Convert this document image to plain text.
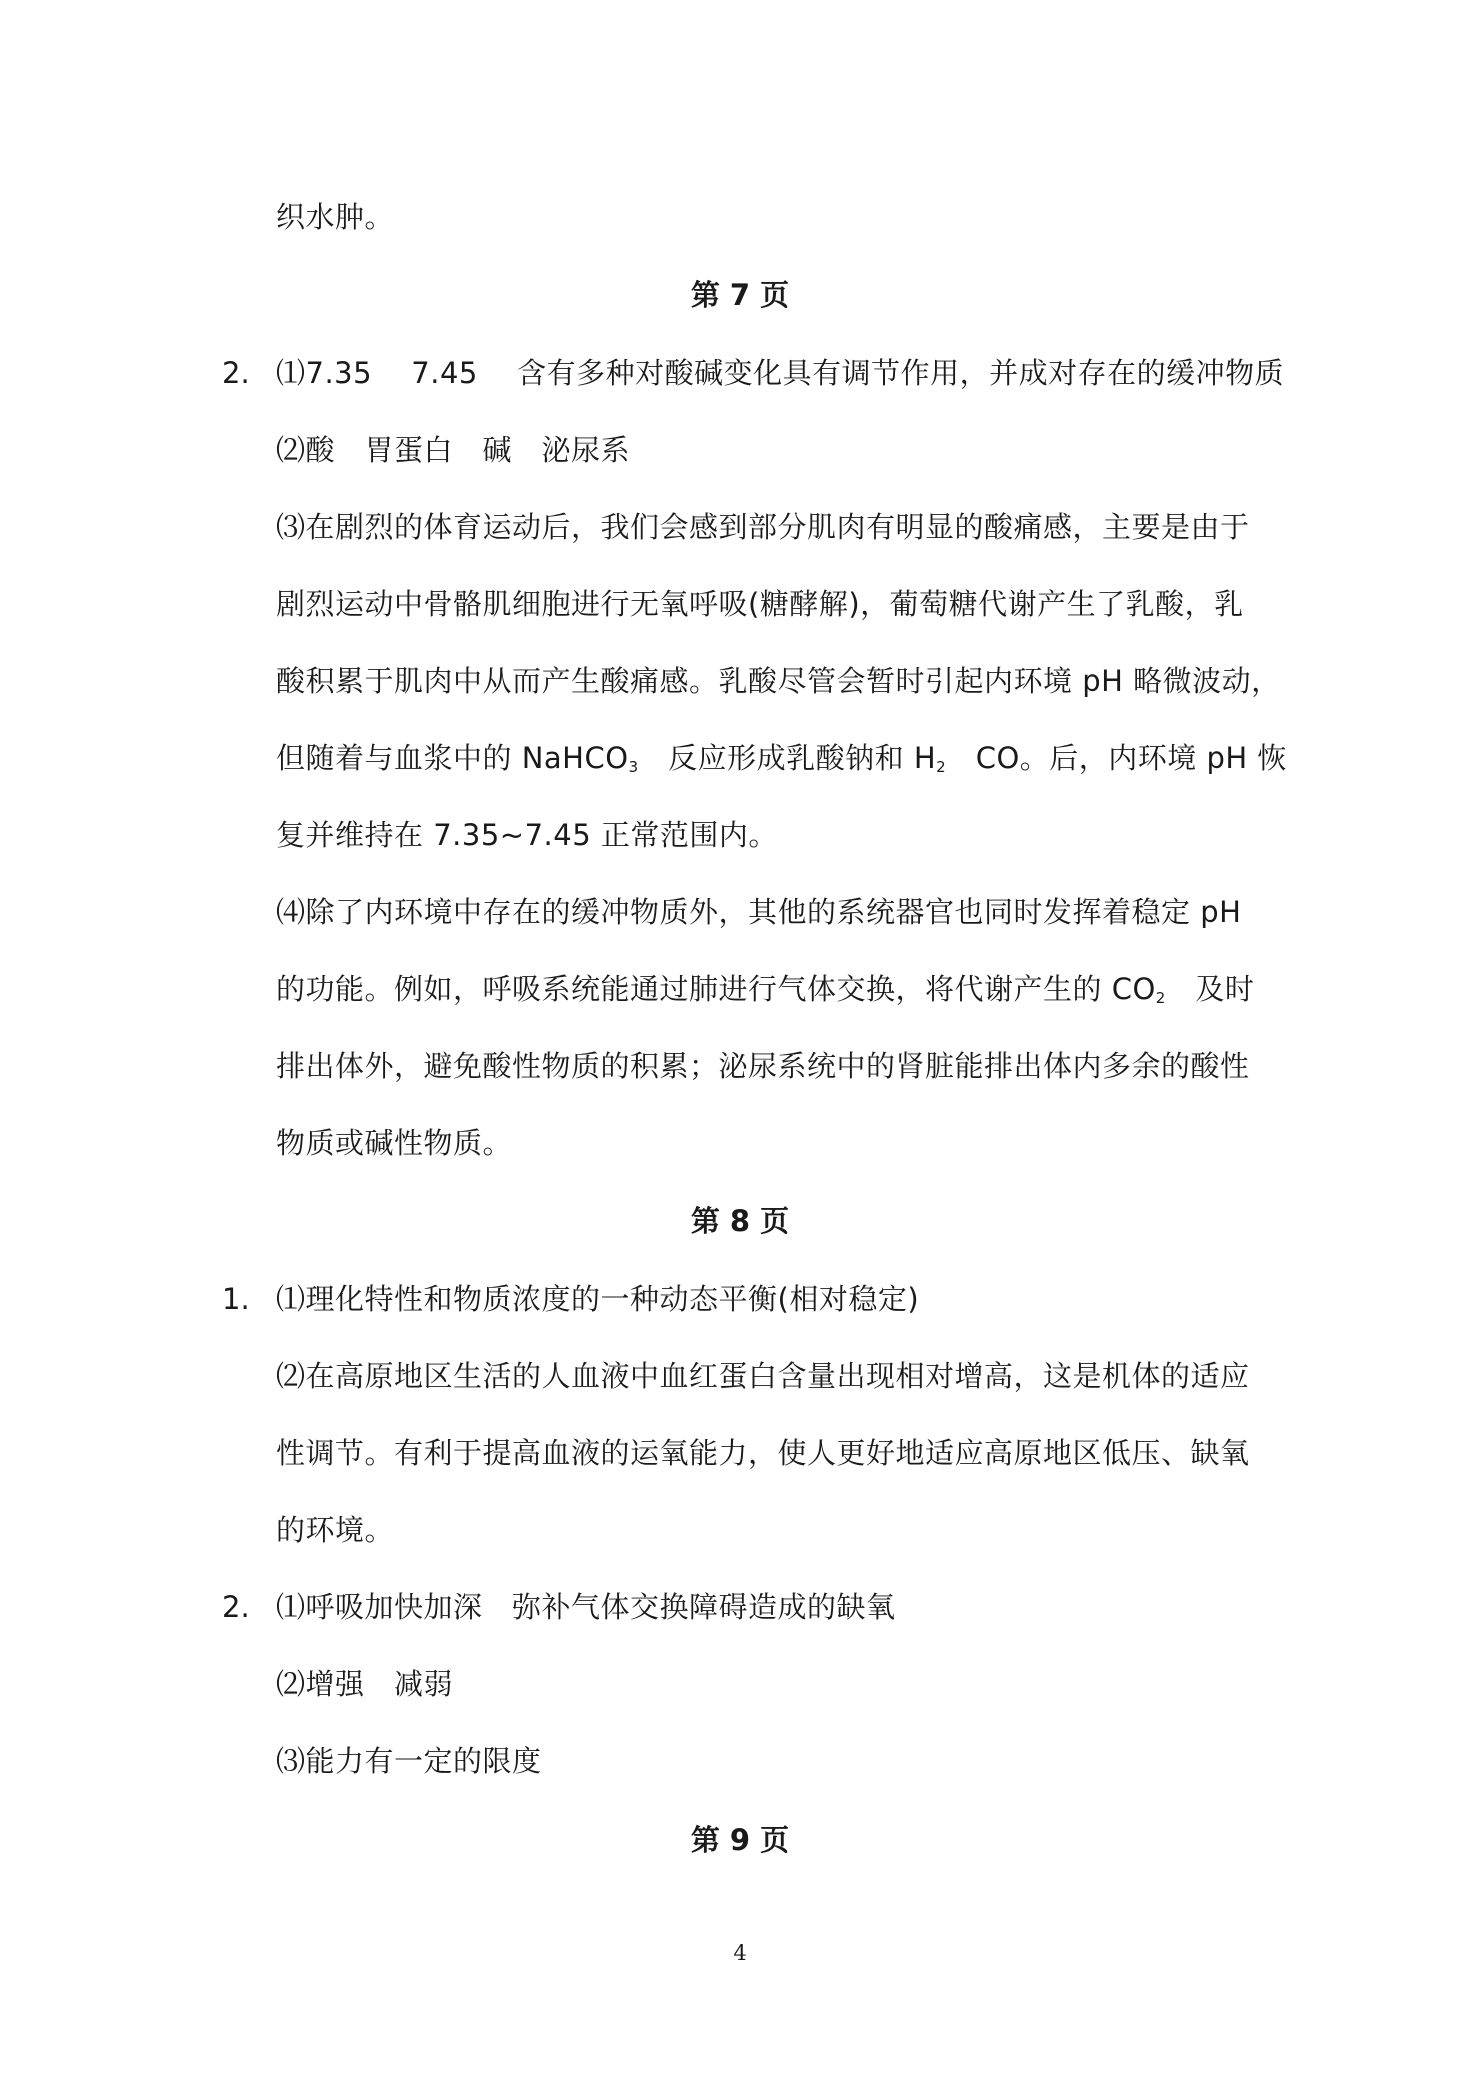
织水肿。
第 7 页
2. ⑴7.35　 7.45　 含有多种对酸碱变化具有调节作用，并成对存在的缓冲物质
⑵酸　胃蛋白　碱　泌尿系
⑶在剧烈的体育运动后，我们会感到部分肌肉有明显的酸痛感，主要是由于
剧烈运动中骨骼肌细胞进行无氧呼吸(糖酵解)，葡萄糖代谢产生了乳酸，乳
酸积累于肌肉中从而产生酸痛感。乳酸尽管会暂时引起内环境 pH 略微波动，
但随着与血浆中的 NaHCO$_3$　反应形成乳酸钠和 $H_2$　CO。后，内环境 pH 恢
复并维持在 7.35~7.45 正常范围内。
⑷除了内环境中存在的缓冲物质外，其他的系统器官也同时发挥着稳定 pH
的功能。例如，呼吸系统能通过肺进行气体交换，将代谢产生的 $CO_2$　及时
排出体外，避免酸性物质的积累；泌尿系统中的肾脏能排出体内多余的酸性
物质或碱性物质。
第 8 页
1. ⑴理化特性和物质浓度的一种动态平衡(相对稳定)
⑵在高原地区生活的人血液中血红蛋白含量出现相对增高，这是机体的适应
性调节。有利于提高血液的运氧能力，使人更好地适应高原地区低压、缺氧
的环境。
2. ⑴呼吸加快加深　弥补气体交换障碍造成的缺氧
⑵增强　减弱
⑶能力有一定的限度
第 9 页
4
